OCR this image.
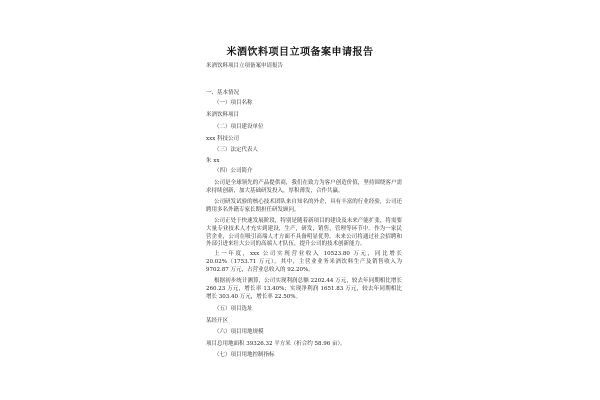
米酒饮料项目立项备案申请报告
米酒饮料项目立项备案申请报告
一、基本情况
（一）项目名称
米酒饮料项目
（二）项目建设单位
xxx 科技公司
（三）法定代表人
朱 xx
（四）公司简介
公司是全球领先的产品提供商，我们在致力为客户创造价值，坚持围绕客户需求持续创新，加大基础研发投入，厚积薄发，合作共赢。
公司研发试验的核心技术团队来自知名的外企，具有丰富的行业经验，公司还聘用多名外籍专家长期担任研发顾问。
公司正处于快速发展阶段，特别是随着新项目的建设及未来产能扩张，将需要大量专业技术人才充实到建设，生产，研发，销售，管理等环节中。作为一家民营企业，公司在吸引高端人才方面不具备明显优势。未来公司将通过社会招聘和外部引进来壮大公司的高端人才队伍，提升公司的技术创新能力。
上一年度，xxx 公司实现营业收入 10523.80 万元，同比增长 20.02%（1753.71 万元）。其中，主营业业务米酒饮料生产及销售收入为 9702.87 万元，占营业总收入的 92.20%。
根据初步统计测算，公司实现利润总额 2202.44 万元，较去年同期相比增长 260.23 万元，增长率 13.40%；实现净利润 1651.83 万元，较去年同期相比增长 303.40 万元，增长率 22.50%。
（五）项目选址
某经开区
（六）项目用地规模
项目总用地面积 39326.32 平方米（折合约 58.96 亩）。
（七）项目用地控制指标
